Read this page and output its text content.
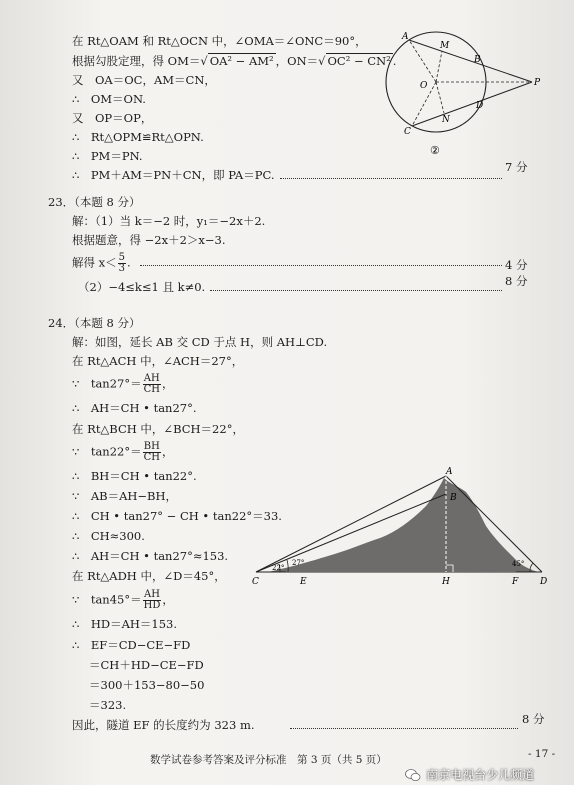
在 Rt△OAM 和 Rt△OCN 中，∠OMA＝∠ONC＝90°，
根据勾股定理，得 OM＝√ OA² − AM² ，ON＝√ OC² − CN² .
又　OA＝OC，AM＝CN，
∴　OM＝ON.
又　OP＝OP，
∴　Rt△OPM≌Rt△OPN.
∴　PM＝PN.
∴　PM＋AM＝PN＋CN，即 PA＝PC.
7 分
A
M
B
P
O
D
N
C
②
23．（本题 8 分）
解：（1）当 k＝−2 时，y₁＝−2x＋2.
根据题意，得 −2x＋2＞x−3.
解得 $x< \frac{5}{3}$ .	4 分
（2）−4≤k≤1 且 k≠0.	8 分
24．（本题 8 分）
解：如图，延长 AB 交 CD 于点 H，则 AH⊥CD.
在 Rt△ACH 中，∠ACH＝27°，
∵　$\tan 27^\circ= \frac{AH}{CH}$ ，
∴　AH＝CH • tan27°.
在 Rt△BCH 中，∠BCH＝22°，
∵　$\tan 22^\circ= \frac{BH}{CH}$ ，
∴　BH＝CH • tan22°.
∵　AB＝AH−BH，
∴　CH • tan27° − CH • tan22°＝33.
∴　CH≈300.
∴　AH＝CH • tan27°≈153.
在 Rt△ADH 中，∠D＝45°，
∵　$\tan 45^\circ= \frac{AH}{HD}$ ，
∴　HD＝AH＝153.
∴　EF＝CD−CE−FD
＝CH＋HD−CE−FD
＝300＋153−80−50
＝323.
因此，隧道 EF 的长度约为 323 m.	8 分
A
B
C	E	H	F D
22°
27°	45°
数学试卷参考答案及评分标准　第 3 页（共 5 页）	- 17 -
南京电视台少儿频道
